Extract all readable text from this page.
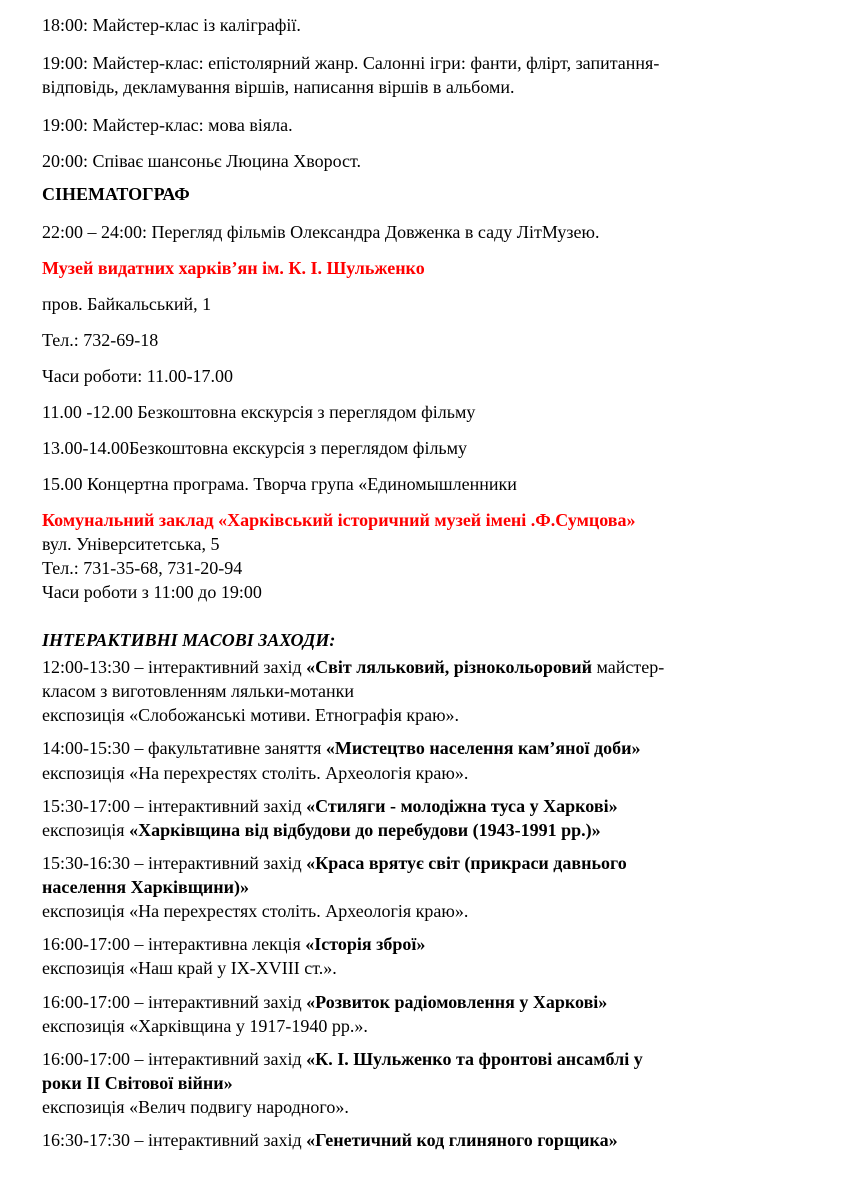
18:00: Майстер-клас із каліграфії.
19:00: Майстер-клас: епістолярний жанр. Салонні ігри: фанти, флірт, запитання-
відповідь, декламування віршів, написання віршів в альбоми.
19:00: Майстер-клас: мова віяла.
20:00: Співає шансоньє Люцина Хворост.
СІНЕМАТОГРАФ
22:00 – 24:00: Перегляд фільмів Олександра Довженка в саду ЛітМузею.
Музей видатних харків’ян ім. К. І. Шульженко
пров. Байкальський, 1
Тел.: 732-69-18
Часи роботи: 11.00-17.00
11.00 -12.00 Безкоштовна екскурсія з переглядом фільму
13.00-14.00Безкоштовна екскурсія з переглядом фільму
15.00 Концертна програма. Творча група «Единомышленники
Комунальний заклад «Харківський історичний музей імені .Ф.Сумцова»
вул. Університетська, 5
Тел.: 731-35-68, 731-20-94
Часи роботи з 11:00 до 19:00
ІНТЕРАКТИВНІ МАСОВІ ЗАХОДИ:
12:00-13:30 – інтерактивний захід «Світ ляльковий, різнокольоровий майстер-
класом з виготовленням ляльки-мотанки
експозиція «Слобожанські мотиви. Етнографія краю».
14:00-15:30 – факультативне заняття «Мистецтво населення кам’яної доби»
експозиція «На перехрестях століть. Археологія краю».
15:30-17:00 – інтерактивний захід «Стиляги - молодіжна туса у Харкові»
експозиція «Харківщина від відбудови до перебудови (1943-1991 рр.)»
15:30-16:30 – інтерактивний захід «Краса врятує світ (прикраси давнього
населення Харківщини)»
експозиція «На перехрестях століть. Археологія краю».
16:00-17:00 – інтерактивна лекція «Історія зброї»
експозиція «Наш край у IX-XVIII ст.».
16:00-17:00 – інтерактивний захід «Розвиток радіомовлення у Харкові»
експозиція «Харківщина у 1917-1940 рр.».
16:00-17:00 – інтерактивний захід «К. І. Шульженко та фронтові ансамблі у
роки II Світової війни»
експозиція «Велич подвигу народного».
16:30-17:30 – інтерактивний захід «Генетичний код глиняного горщика»
